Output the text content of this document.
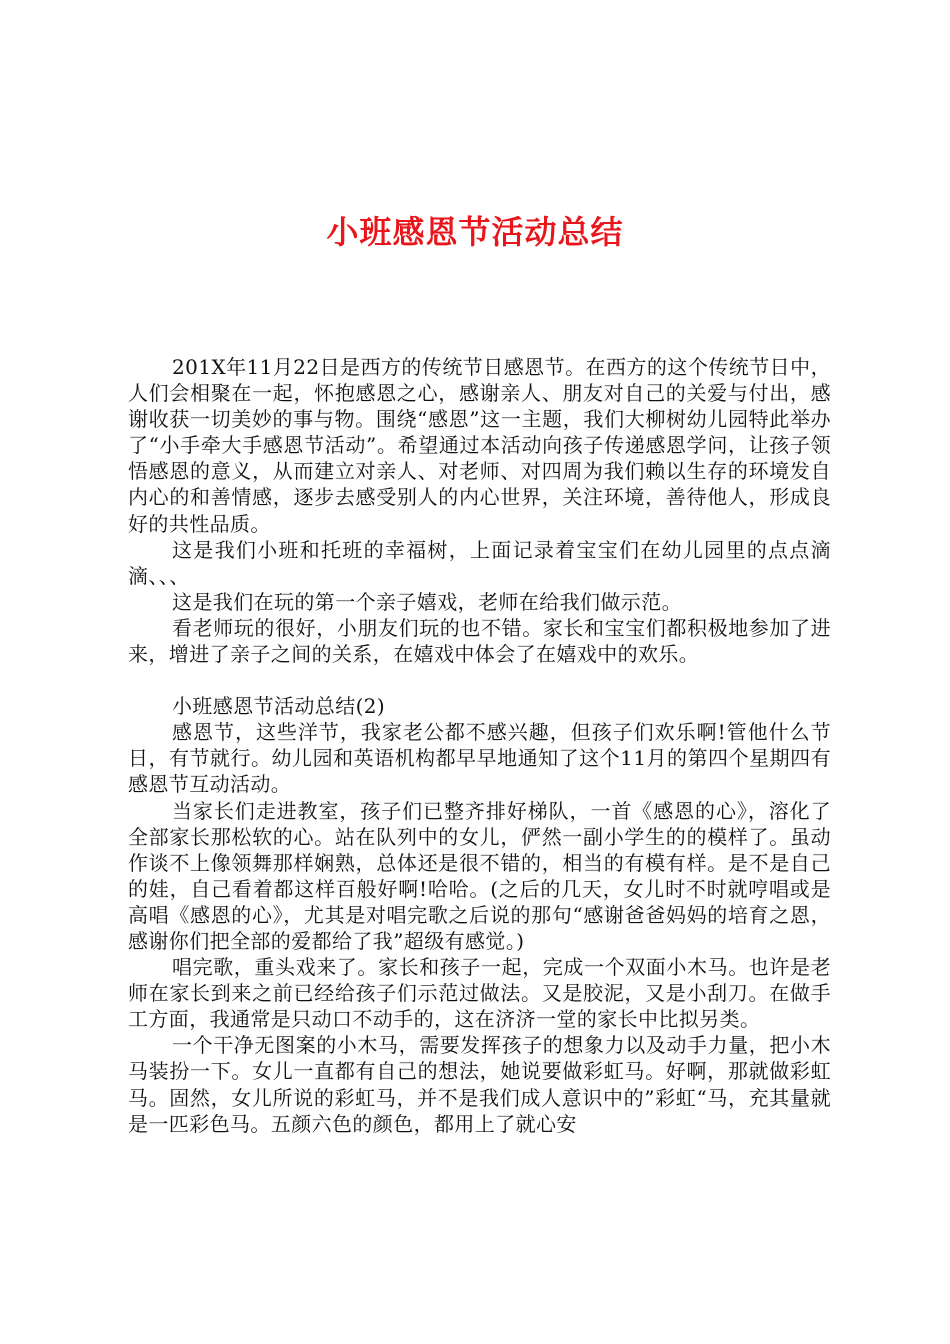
小班感恩节活动总结

201X年11月22日是西方的传统节日感恩节。在西方的这个传统节日中，人们会相聚在一起，怀抱感恩之心，感谢亲人、朋友对自己的关爱与付出，感谢收获一切美妙的事与物。围绕“感恩”这一主题，我们大柳树幼儿园特此举办了“小手牵大手感恩节活动”。希望通过本活动向孩子传递感恩学问，让孩子领悟感恩的意义，从而建立对亲人、对老师、对四周为我们赖以生存的环境发自内心的和善情感，逐步去感受别人的内心世界，关注环境，善待他人，形成良好的共性品质。

这是我们小班和托班的幸福树，上面记录着宝宝们在幼儿园里的点点滴滴、、、

这是我们在玩的第一个亲子嬉戏，老师在给我们做示范。

看老师玩的很好，小朋友们玩的也不错。家长和宝宝们都积极地参加了进来，增进了亲子之间的关系，在嬉戏中体会了在嬉戏中的欢乐。

小班感恩节活动总结(2)

感恩节，这些洋节，我家老公都不感兴趣，但孩子们欢乐啊!管他什么节日，有节就行。幼儿园和英语机构都早早地通知了这个11月的第四个星期四有感恩节互动活动。

当家长们走进教室，孩子们已整齐排好梯队，一首《感恩的心》，溶化了全部家长那松软的心。站在队列中的女儿，俨然一副小学生的的模样了。虽动作谈不上像领舞那样娴熟，总体还是很不错的，相当的有模有样。是不是自己的娃，自己看着都这样百般好啊!哈哈。(之后的几天，女儿时不时就哼唱或是高唱《感恩的心》，尤其是对唱完歌之后说的那句“感谢爸爸妈妈的培育之恩，感谢你们把全部的爱都给了我”超级有感觉。)

唱完歌，重头戏来了。家长和孩子一起，完成一个双面小木马。也许是老师在家长到来之前已经给孩子们示范过做法。又是胶泥，又是小刮刀。在做手工方面，我通常是只动口不动手的，这在济济一堂的家长中比拟另类。

一个干净无图案的小木马，需要发挥孩子的想象力以及动手力量，把小木马装扮一下。女儿一直都有自己的想法，她说要做彩虹马。好啊，那就做彩虹马。固然，女儿所说的彩虹马，并不是我们成人意识中的”彩虹“马，充其量就是一匹彩色马。五颜六色的颜色，都用上了就心安
